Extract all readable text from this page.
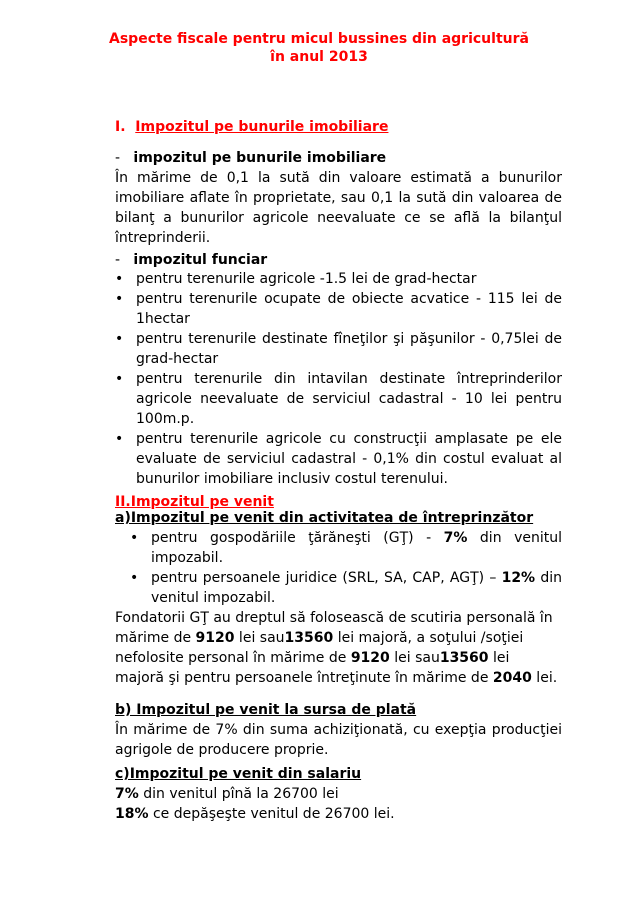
Aspecte fiscale pentru micul bussines din agricultură
în anul 2013
I. Impozitul pe bunurile imobiliare
- impozitul pe bunurile imobiliare
În mărime de 0,1 la sută din valoare estimată a bunurilor imobiliare aflate în proprietate, sau 0,1 la sută din valoarea de bilanţ a bunurilor agricole neevaluate ce se află la bilanţul întreprinderii.
- impozitul funciar
• pentru terenurile agricole -1.5 lei de grad-hectar
• pentru terenurile ocupate de obiecte acvatice - 115 lei de 1hectar
• pentru terenurile destinate fîneţilor şi păşunilor - 0,75lei de grad-hectar
• pentru terenurile din intavilan destinate întreprinderilor agricole neevaluate de serviciul cadastral - 10 lei pentru 100m.p.
• pentru terenurile agricole cu construcţii amplasate pe ele evaluate de serviciul cadastral - 0,1% din costul evaluat al bunurilor imobiliare inclusiv costul terenului.
II.Impozitul pe venit
a)Impozitul pe venit din activitatea de întreprinzător
• pentru gospodăriile ţărăneşti (GŢ) - 7% din venitul impozabil.
• pentru persoanele juridice (SRL, SA, CAP, AGŢ) – 12% din venitul impozabil.
Fondatorii GŢ au dreptul să folosească de scutiria personală în
mărime de 9120 lei sau13560 lei majoră, a soţului /soţiei
nefolosite personal în mărime de 9120 lei sau13560 lei
majoră şi pentru persoanele întreţinute în mărime de 2040 lei.
b) Impozitul pe venit la sursa de plată
În mărime de 7% din suma achiziţionată, cu exepţia producţiei agrigole de producere proprie.
c)Impozitul pe venit din salariu
7% din venitul pînă la 26700 lei
18% ce depăşeşte venitul de 26700 lei.
